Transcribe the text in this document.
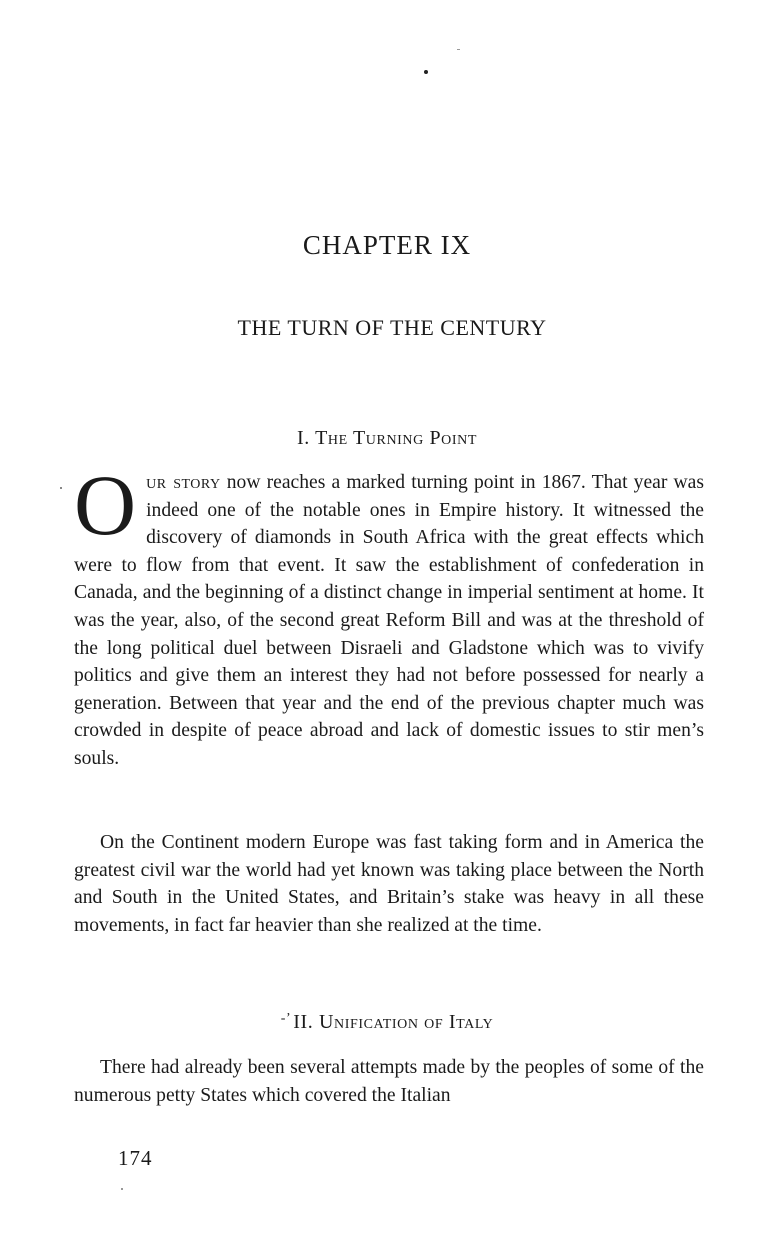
CHAPTER IX
THE TURN OF THE CENTURY
I. The Turning Point

Our story now reaches a marked turning point in 1867. That year was indeed one of the notable ones in Empire history. It witnessed the discovery of diamonds in South Africa with the great effects which were to flow from that event. It saw the establishment of confederation in Canada, and the beginning of a distinct change in imperial sentiment at home. It was the year, also, of the second great Reform Bill and was at the threshold of the long political duel between Disraeli and Gladstone which was to vivify politics and give them an interest they had not before possessed for nearly a generation. Between that year and the end of the previous chapter much was crowded in despite of peace abroad and lack of domestic issues to stir men’s souls.

On the Continent modern Europe was fast taking form and in America the greatest civil war the world had yet known was taking place between the North and South in the United States, and Britain’s stake was heavy in all these movements, in fact far heavier than she realized at the time.

$^{-ʼ}$ II. Unification of Italy

There had already been several attempts made by the peoples of some of the numerous petty States which covered the Italian

174
